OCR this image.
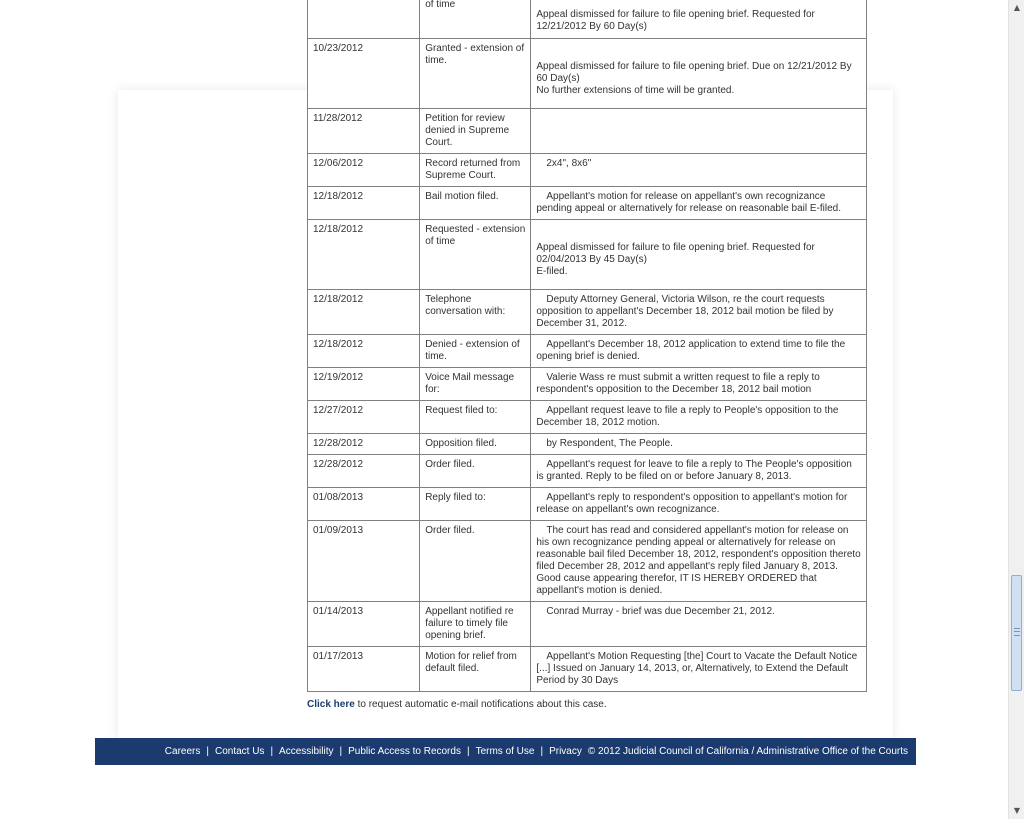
	of time	Appeal dismissed for failure to file opening brief. Requested for 12/21/2012 By 60 Day(s)

10/23/2012	Granted - extension of time.	Appeal dismissed for failure to file opening brief. Due on 12/21/2012 By 60 Day(s)
No further extensions of time will be granted.

11/28/2012	Petition for review denied in Supreme Court.	
12/06/2012	Record returned from Supreme Court.	2x4", 8x6"
12/18/2012	Bail motion filed.	Appellant's motion for release on appellant's own recognizance pending appeal or alternatively for release on reasonable bail E-filed.
12/18/2012	Requested - extension of time	Appeal dismissed for failure to file opening brief. Requested for 02/04/2013 By 45 Day(s)
E-filed.

12/18/2012	Telephone conversation with:	Deputy Attorney General, Victoria Wilson, re the court requests opposition to appellant's December 18, 2012 bail motion be filed by December 31, 2012.
12/18/2012	Denied - extension of time.	Appellant's December 18, 2012 application to extend time to file the opening brief is denied.
12/19/2012	Voice Mail message for:	Valerie Wass re must submit a written request to file a reply to respondent's opposition to the December 18, 2012 bail motion
12/27/2012	Request filed to:	Appellant request leave to file a reply to People's opposition to the December 18, 2012 motion.
12/28/2012	Opposition filed.	by Respondent, The People.
12/28/2012	Order filed.	Appellant's request for leave to file a reply to The People's opposition is granted. Reply to be filed on or before January 8, 2013.
01/08/2013	Reply filed to:	Appellant's reply to respondent's opposition to appellant's motion for release on appellant's own recognizance.
01/09/2013	Order filed.	The court has read and considered appellant's motion for release on his own recognizance pending appeal or alternatively for release on reasonable bail filed December 18, 2012, respondent's opposition thereto filed December 28, 2012 and appellant's reply filed January 8, 2013. Good cause appearing therefor, IT IS HEREBY ORDERED that appellant's motion is denied.
01/14/2013	Appellant notified re failure to timely file opening brief.	Conrad Murray - brief was due December 21, 2012.
01/17/2013	Motion for relief from default filed.	Appellant's Motion Requesting [the] Court to Vacate the Default Notice [...] Issued on January 14, 2013, or, Alternatively, to Extend the Default Period by 30 Days
Click here to request automatic e-mail notifications about this case.
Careers | Contact Us | Accessibility | Public Access to Records | Terms of Use | Privacy © 2012 Judicial Council of California / Administrative Office of the Courts
▲
▼
